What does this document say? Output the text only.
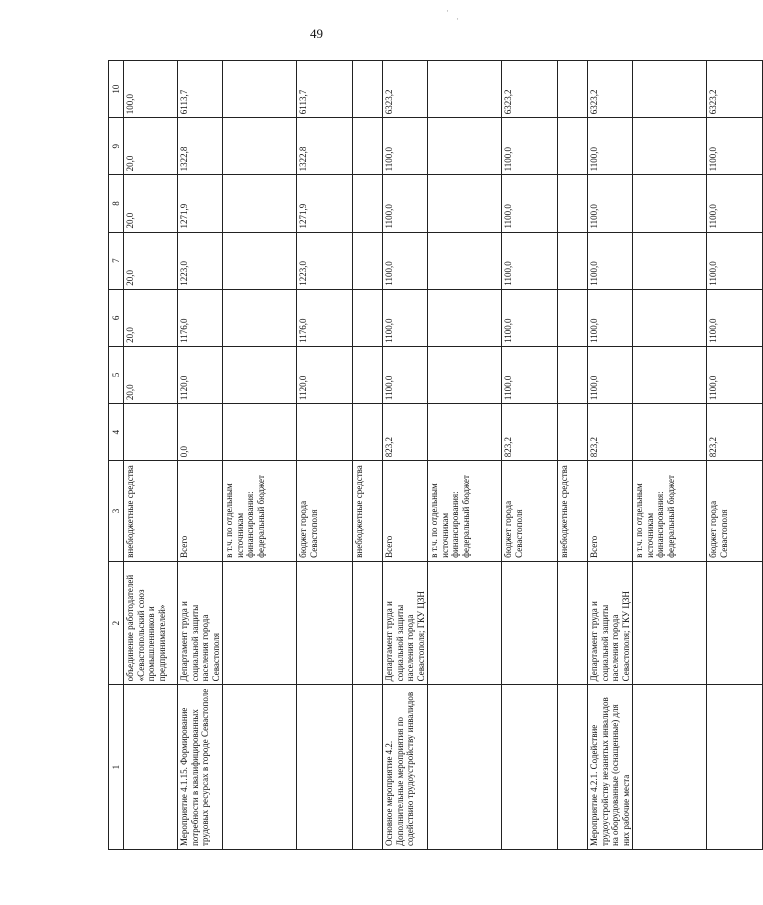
49
·
·
1	2	3	4	5	6	7	8	9	10
	объединение работодателей «Севастопольский союз промышленников и предпринимателей»	внебюджетные средства		20,0	20,0	20,0	20,0	20,0	100,0
Мероприятие 4.1.15. Формирование потребности в квалифицированных трудовых ресурсах в городе Севастополе	Департамент труда и социальной защиты населения города Севастополя	Всего	0,0	1120,0	1176,0	1223,0	1271,9	1322,8	6113,7
		в т.ч. по отдельным источникам финансирования: федеральный бюджет							
		бюджет города Севастополя		1120,0	1176,0	1223,0	1271,9	1322,8	6113,7
		внебюджетные средства							
Основное мероприятие 4.2. Дополнительные мероприятия по содействию трудоустройству инвалидов	Департамент труда и социальной защиты населения города Севастополя; ГКУ ЦЗН	Всего	823,2	1100,0	1100,0	1100,0	1100,0	1100,0	6323,2
		в т.ч. по отдельным источникам финансирования: федеральный бюджет							
		бюджет города Севастополя	823,2	1100,0	1100,0	1100,0	1100,0	1100,0	6323,2
		внебюджетные средства							
Мероприятие 4.2.1. Содействие трудоустройству незанятых инвалидов на оборудованные (оснащенные) для них рабочие места	Департамент труда и социальной защиты населения города Севастополя; ГКУ ЦЗН	Всего	823,2	1100,0	1100,0	1100,0	1100,0	1100,0	6323,2
		в т.ч. по отдельным источникам финансирования: федеральный бюджет							
		бюджет города Севастополя	823,2	1100,0	1100,0	1100,0	1100,0	1100,0	6323,2
